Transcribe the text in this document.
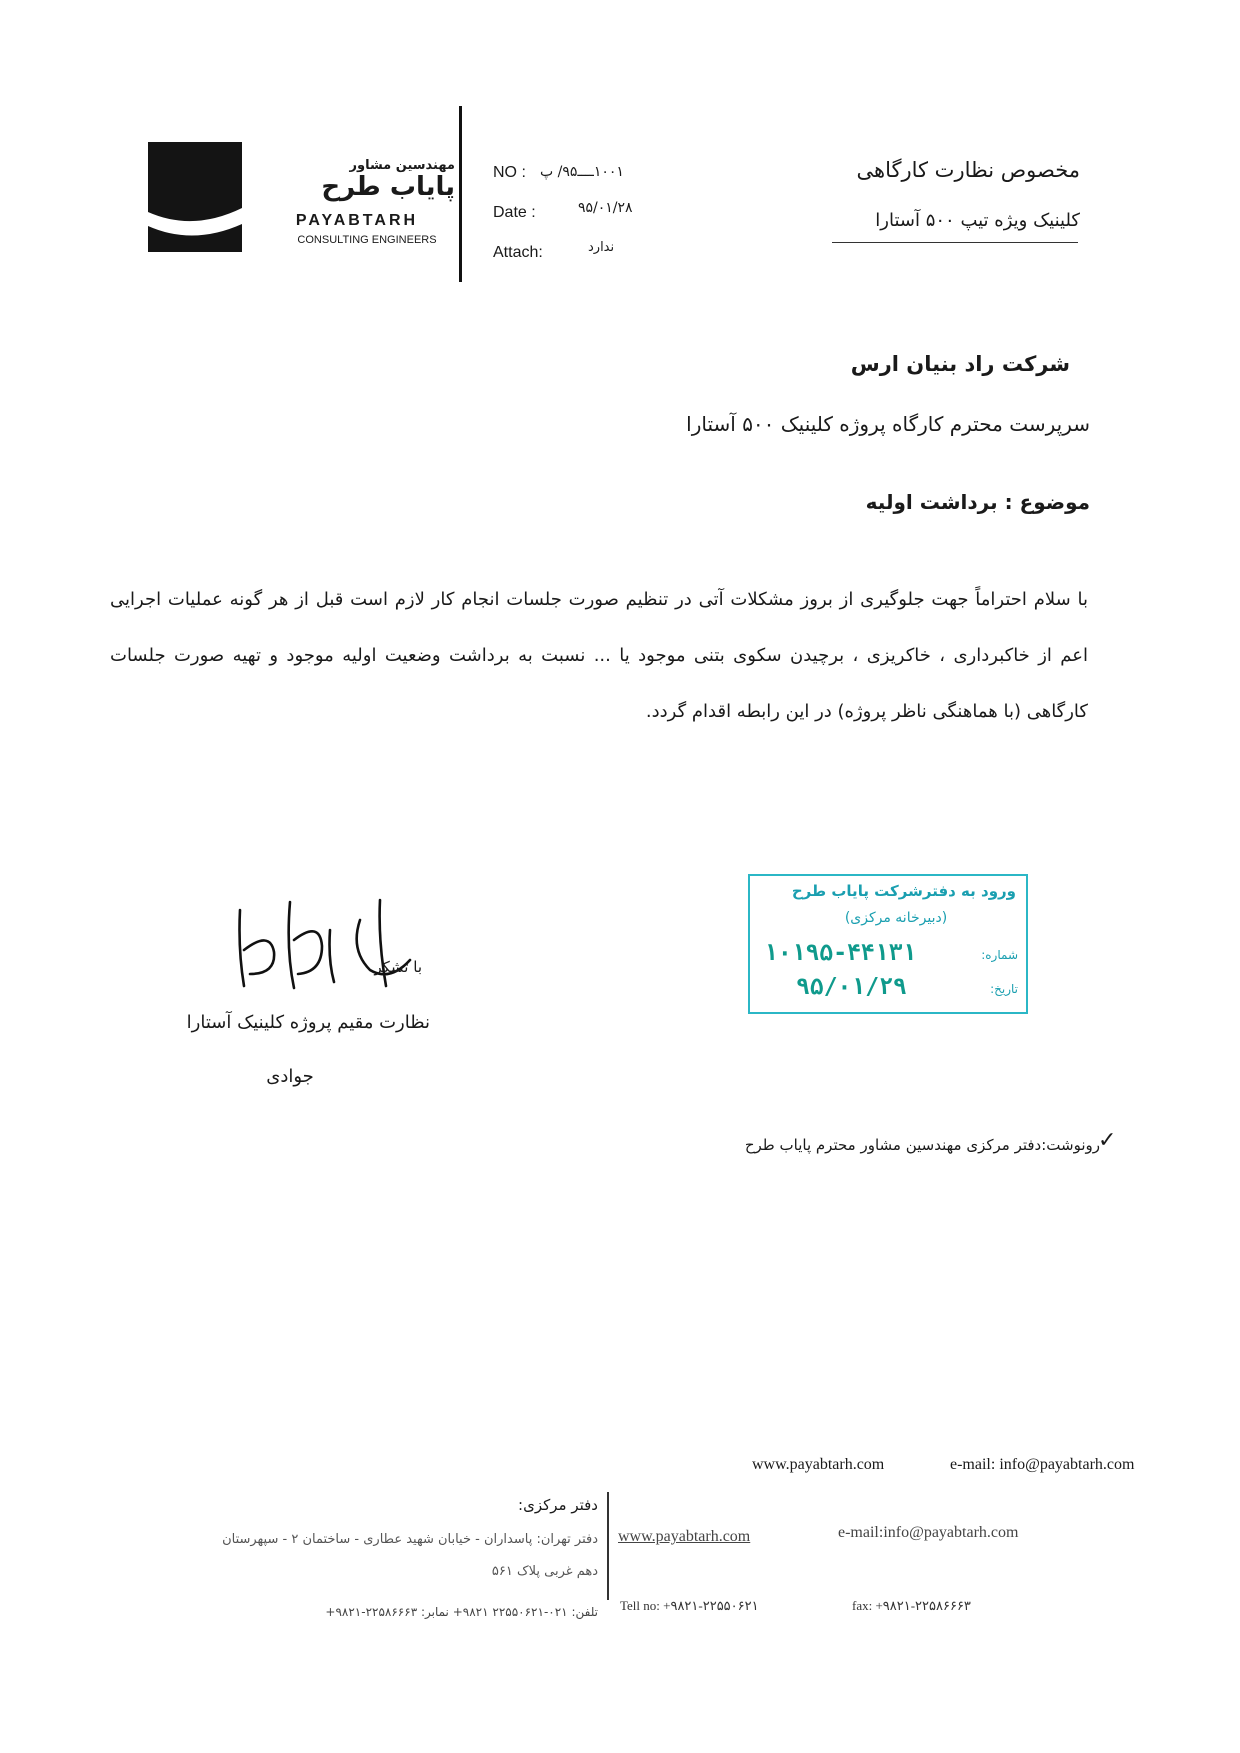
مهندسین مشاور
پایاب طرح
PAYABTARH
CONSULTING ENGINEERS
NO : ۱۰۰۱ــــ۹۵/ پ
Date :	۹۵/۰۱/۲۸
Attach:	ندارد
مخصوص نظارت کارگاهی
کلینیک ویژه تیپ ۵۰۰ آستارا
شرکت راد بنیان ارس
سرپرست محترم کارگاه پروژه کلینیک ۵۰۰ آستارا
موضوع : برداشت اولیه
با سلام احتراماً جهت جلوگیری از بروز مشکلات آتی در تنظیم صورت جلسات انجام کار لازم است قبل از هر گونه عملیات اجرایی اعم از خاکبرداری ، خاکریزی ، برچیدن سکوی بتنی موجود یا ... نسبت به برداشت وضعیت اولیه موجود و تهیه صورت جلسات کارگاهی (با هماهنگی ناظر پروژه) در این رابطه اقدام گردد.
ورود به دفترشرکت پایاب طرح
(دبیرخانه مرکزی)
شماره:
۱۰۱۹۵-۴۴۱۳۱
تاریخ:
۹۵/۰۱/۲۹
با تشکر
نظارت مقیم پروژه کلینیک آستارا
جوادی
✓
رونوشت:دفتر مرکزی مهندسین مشاور محترم پایاب طرح
www.payabtarh.com	e-mail: info@payabtarh.com
دفتر مرکزی:
دفتر تهران: پاسداران - خیابان شهید عطاری - ساختمان ۲ - سپهرستان
دهم غربی پلاک ۵۶۱
تلفن: ۰۲۱-۲۲۵۵۰۶۲۱ ۹۸۲۱+ نمابر: ۲۲۵۸۶۶۶۳-۹۸۲۱+
www.payabtarh.com	e-mail:info@payabtarh.com
Tell no: +۹۸۲۱-۲۲۵۵۰۶۲۱	fax: +۹۸۲۱-۲۲۵۸۶۶۶۳
